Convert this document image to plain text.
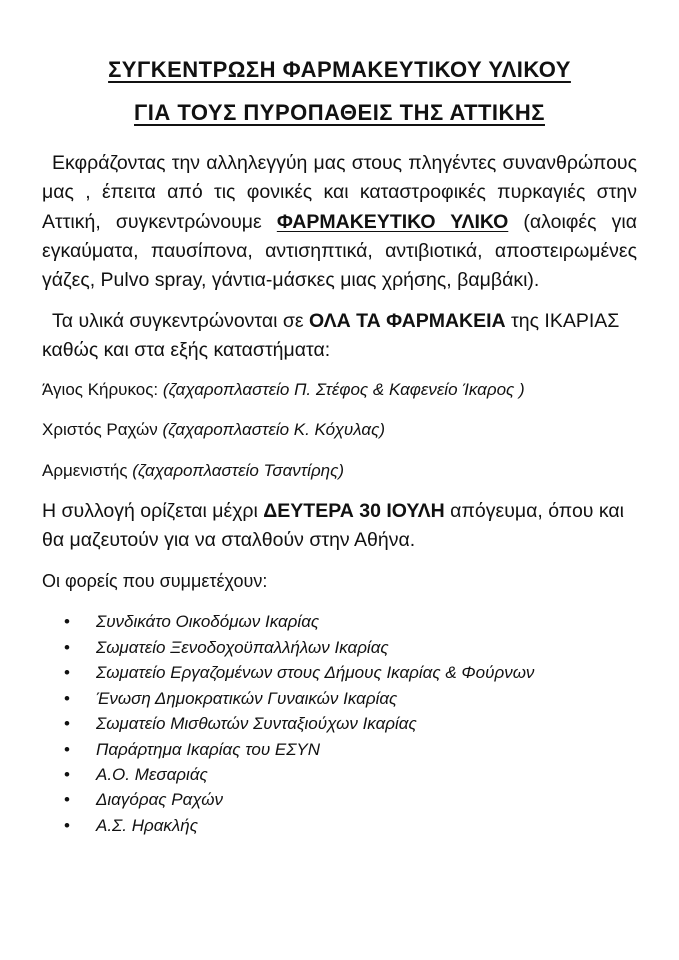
ΣΥΓΚΕΝΤΡΩΣΗ ΦΑΡΜΑΚΕΥΤΙΚΟΥ ΥΛΙΚΟΥ
ΓΙΑ ΤΟΥΣ ΠΥΡΟΠΑΘΕΙΣ ΤΗΣ ΑΤΤΙΚΗΣ

Εκφράζοντας την αλληλεγγύη μας στους πληγέντες συνανθρώπους μας , έπειτα από τις φονικές και καταστροφικές πυρκαγιές στην Αττική, συγκεντρώνουμε ΦΑΡΜΑΚΕΥΤΙΚΟ ΥΛΙΚΟ (αλοιφές για εγκαύματα, παυσίπονα, αντισηπτικά, αντιβιοτικά, αποστειρωμένες γάζες, Pulvo spray, γάντια-μάσκες μιας χρήσης, βαμβάκι).

Τα υλικά συγκεντρώνονται σε ΟΛΑ ΤΑ ΦΑΡΜΑΚΕΙΑ της ΙΚΑΡΙΑΣ καθώς και στα εξής καταστήματα:

Άγιος Κήρυκος: (ζαχαροπλαστείο Π. Στέφος & Καφενείο Ίκαρος )

Χριστός Ραχών (ζαχαροπλαστείο Κ. Κόχυλας)

Αρμενιστής (ζαχαροπλαστείο Τσαντίρης)

Η συλλογή ορίζεται μέχρι ΔΕΥΤΕΡΑ 30 ΙΟΥΛΗ απόγευμα, όπου και θα μαζευτούν για να σταλθούν στην Αθήνα.

Οι φορείς που συμμετέχουν:

• Συνδικάτο Οικοδόμων Ικαρίας
• Σωματείο Ξενοδοχοϋπαλλήλων Ικαρίας
• Σωματείο Εργαζομένων στους Δήμους Ικαρίας & Φούρνων
• Ένωση Δημοκρατικών Γυναικών Ικαρίας
• Σωματείο Μισθωτών Συνταξιούχων Ικαρίας
• Παράρτημα Ικαρίας του ΕΣΥΝ
• Α.Ο. Μεσαριάς
• Διαγόρας Ραχών
• Α.Σ. Ηρακλής
